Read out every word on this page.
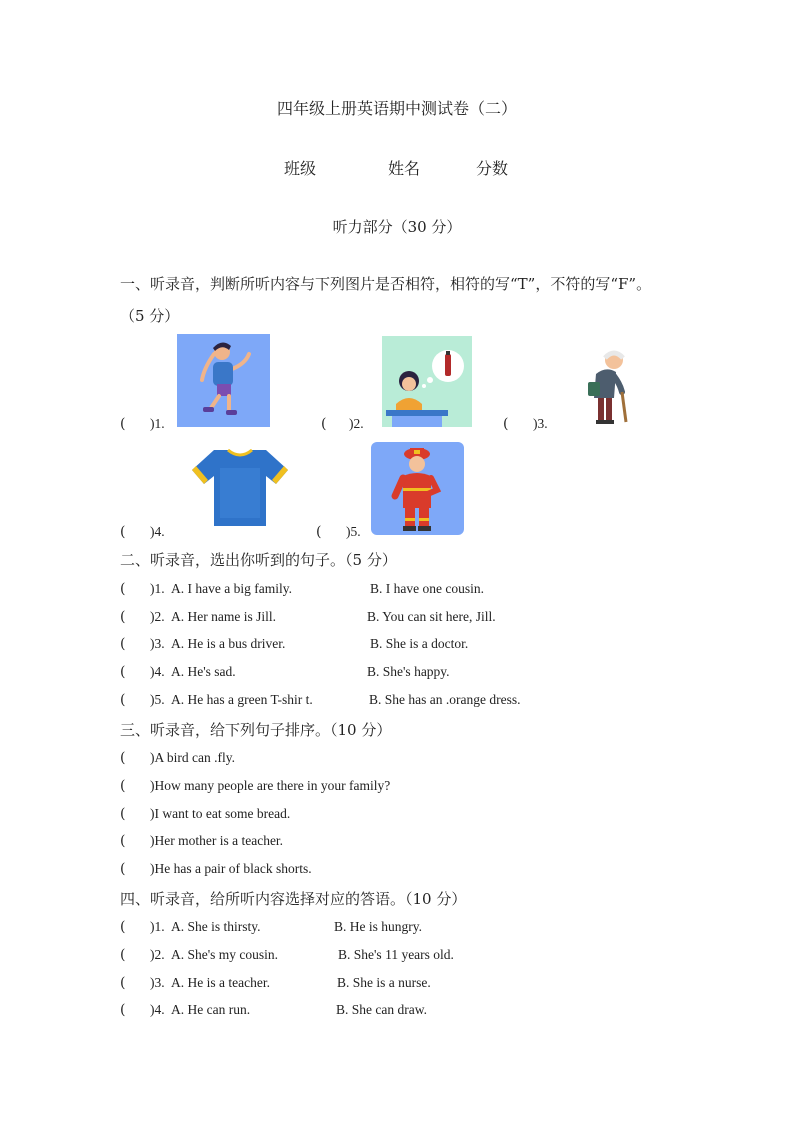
四年级上册英语期中测试卷（二）
班级	姓名	分数
听力部分（30 分）
一、听录音，判断所听内容与下列图片是否相符，相符的写“T”，不符的写“F”。
（5 分）
( )1.	( )2.	( )3.
( )4.	( )5.
二、听录音，选出你听到的句子。（5 分）
( )1. A. I have a big family.	B. I have one cousin.
( )2. A. Her name is Jill.	B. You can sit here, Jill.
( )3. A. He is a bus driver.	B. She is a doctor.
( )4. A. He's sad.	B. She's happy.
( )5. A. He has a green T-shir t.	B. She has an .orange dress.
三、听录音，给下列句子排序。（10 分）
( )A bird can .fly.
( )How many people are there in your family?
( )I want to eat some bread.
( )Her mother is a teacher.
( )He has a pair of black shorts.
四、听录音，给所听内容选择对应的答语。（10 分）
( )1. A. She is thirsty.	B. He is hungry.
( )2. A. She's my cousin.	B. She's 11 years old.
( )3. A. He is a teacher.	B. She is a nurse.
( )4. A. He can run.	B. She can draw.
